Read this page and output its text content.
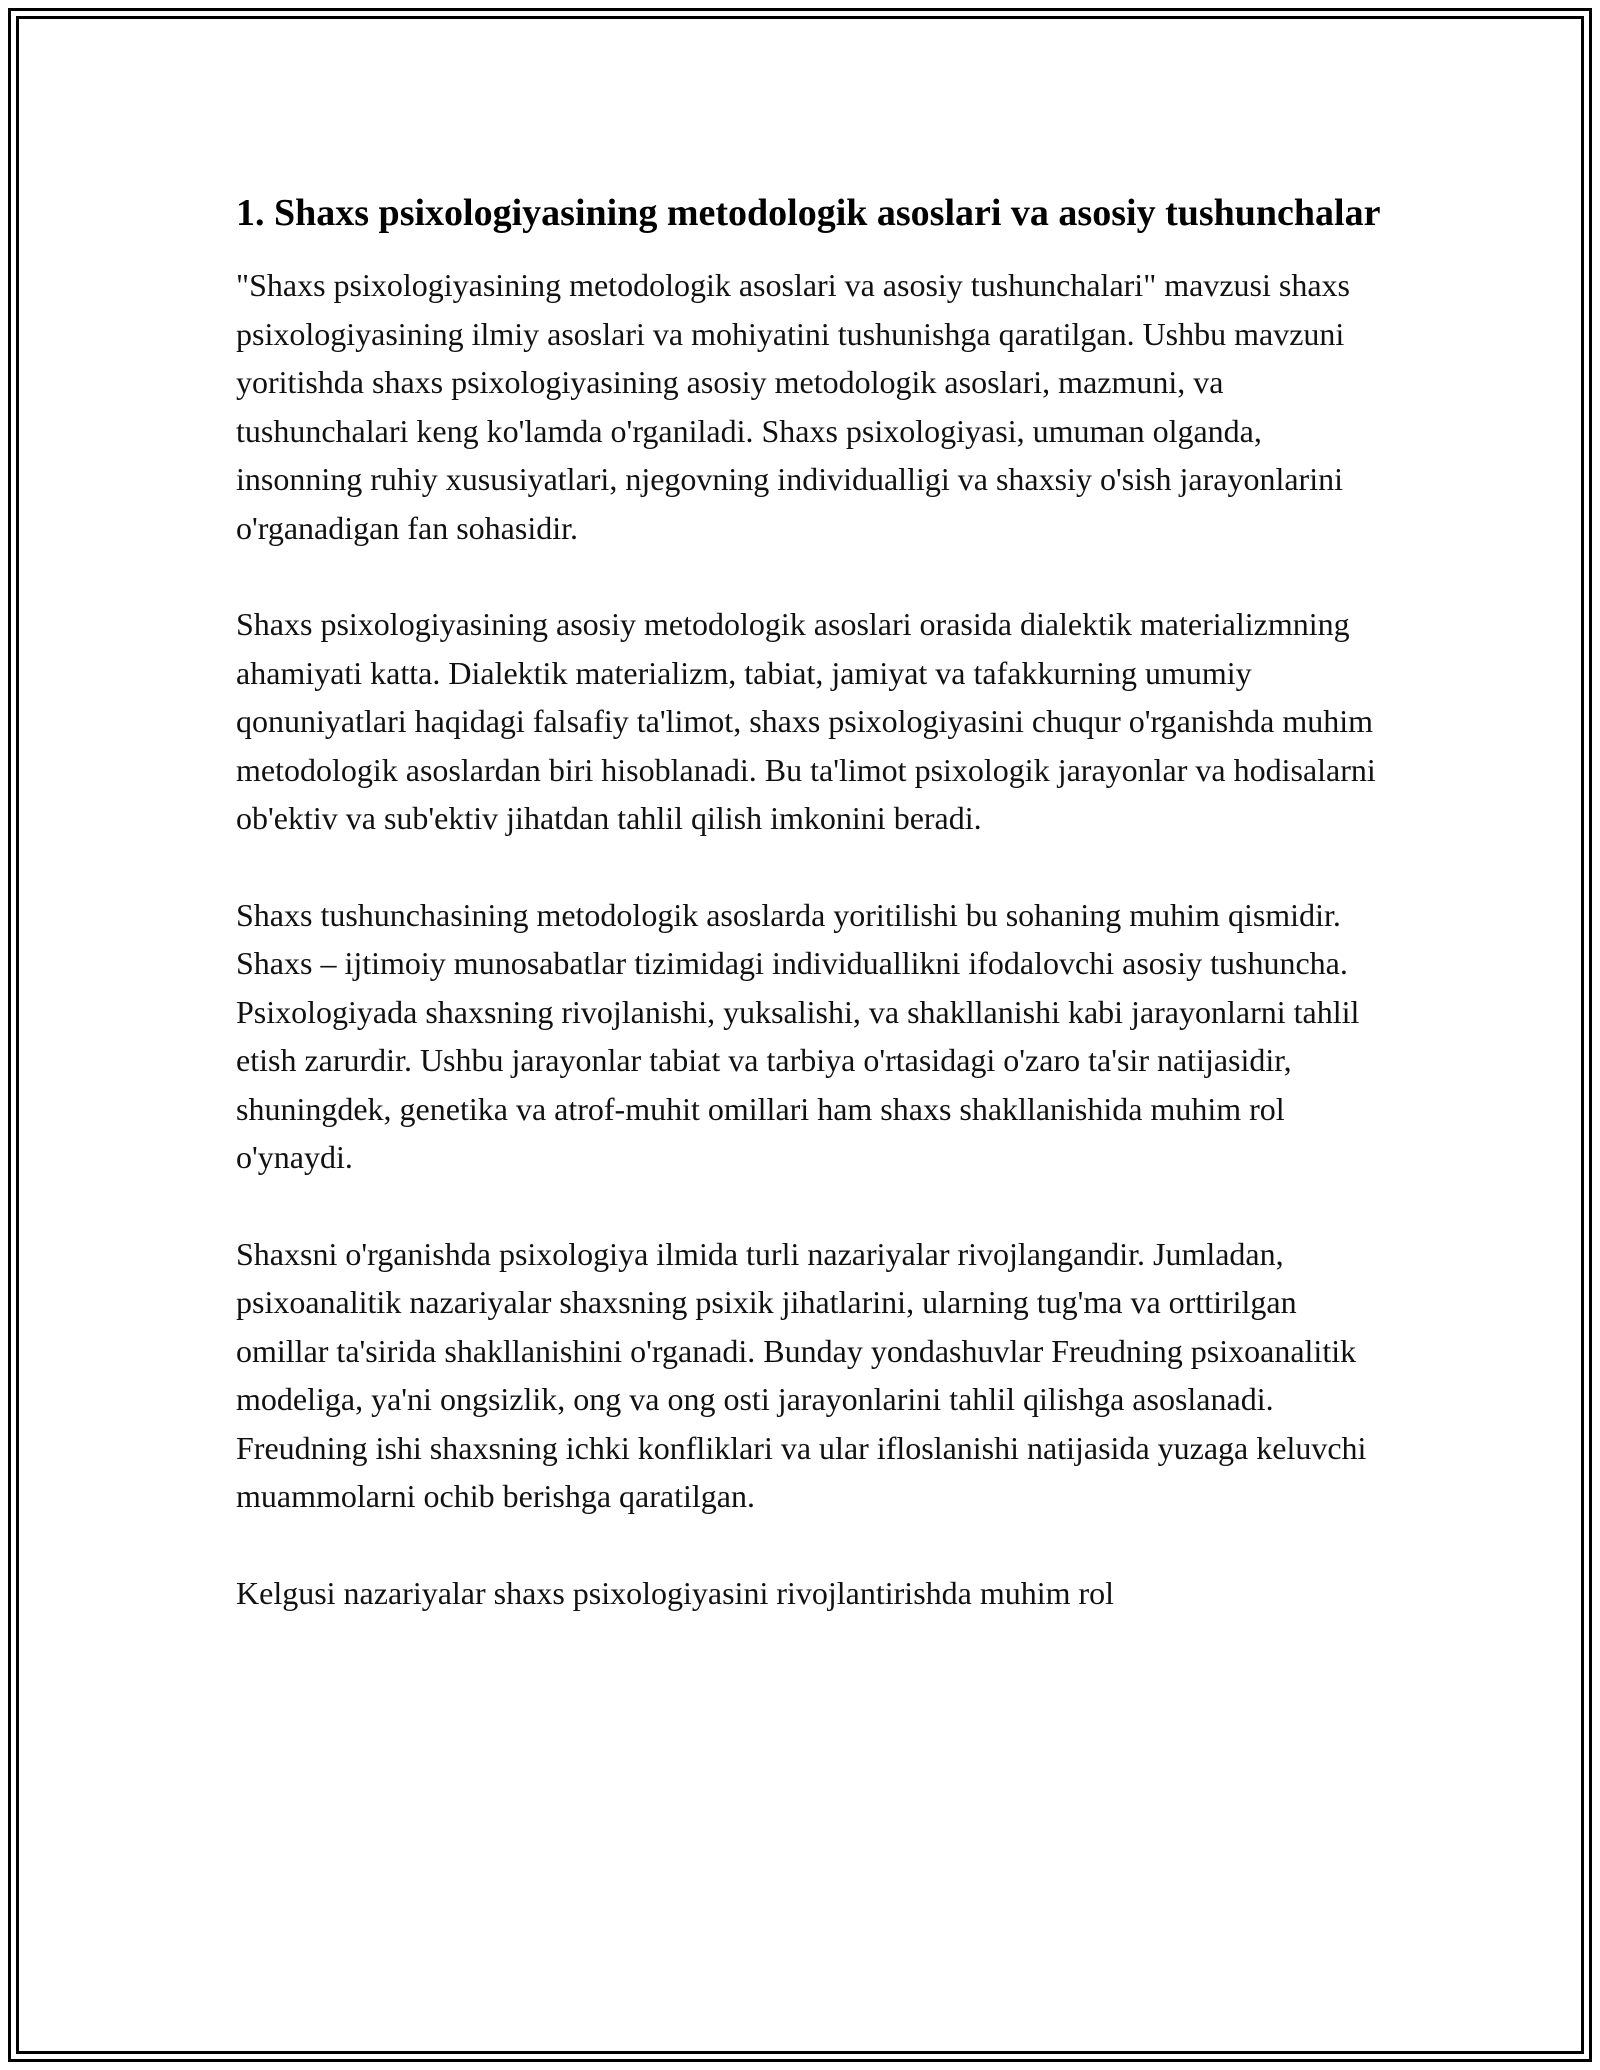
1. Shaxs psixologiyasining metodologik asoslari va asosiy tushunchalar

"Shaxs psixologiyasining metodologik asoslari va asosiy tushunchalari" mavzusi shaxs psixologiyasining ilmiy asoslari va mohiyatini tushunishga qaratilgan. Ushbu mavzuni yoritishda shaxs psixologiyasining asosiy metodologik asoslari, mazmuni, va tushunchalari keng ko'lamda o'rganiladi. Shaxs psixologiyasi, umuman olganda, insonning ruhiy xususiyatlari, njegovning individualligi va shaxsiy o'sish jarayonlarini o'rganadigan fan sohasidir.

Shaxs psixologiyasining asosiy metodologik asoslari orasida dialektik materializmning ahamiyati katta. Dialektik materializm, tabiat, jamiyat va tafakkurning umumiy qonuniyatlari haqidagi falsafiy ta'limot, shaxs psixologiyasini chuqur o'rganishda muhim metodologik asoslardan biri hisoblanadi. Bu ta'limot psixologik jarayonlar va hodisalarni ob'ektiv va sub'ektiv jihatdan tahlil qilish imkonini beradi.

Shaxs tushunchasining metodologik asoslarda yoritilishi bu sohaning muhim qismidir. Shaxs – ijtimoiy munosabatlar tizimidagi individuallikni ifodalovchi asosiy tushuncha. Psixologiyada shaxsning rivojlanishi, yuksalishi, va shakllanishi kabi jarayonlarni tahlil etish zarurdir. Ushbu jarayonlar tabiat va tarbiya o'rtasidagi o'zaro ta'sir natijasidir, shuningdek, genetika va atrof-muhit omillari ham shaxs shakllanishida muhim rol o'ynaydi.

Shaxsni o'rganishda psixologiya ilmida turli nazariyalar rivojlangandir. Jumladan, psixoanalitik nazariyalar shaxsning psixik jihatlarini, ularning tug'ma va orttirilgan omillar ta'sirida shakllanishini o'rganadi. Bunday yondashuvlar Freudning psixoanalitik modeliga, ya'ni ongsizlik, ong va ong osti jarayonlarini tahlil qilishga asoslanadi. Freudning ishi shaxsning ichki konfliklari va ular ifloslanishi natijasida yuzaga keluvchi muammolarni ochib berishga qaratilgan.

Kelgusi nazariyalar shaxs psixologiyasini rivojlantirishda muhim rol
